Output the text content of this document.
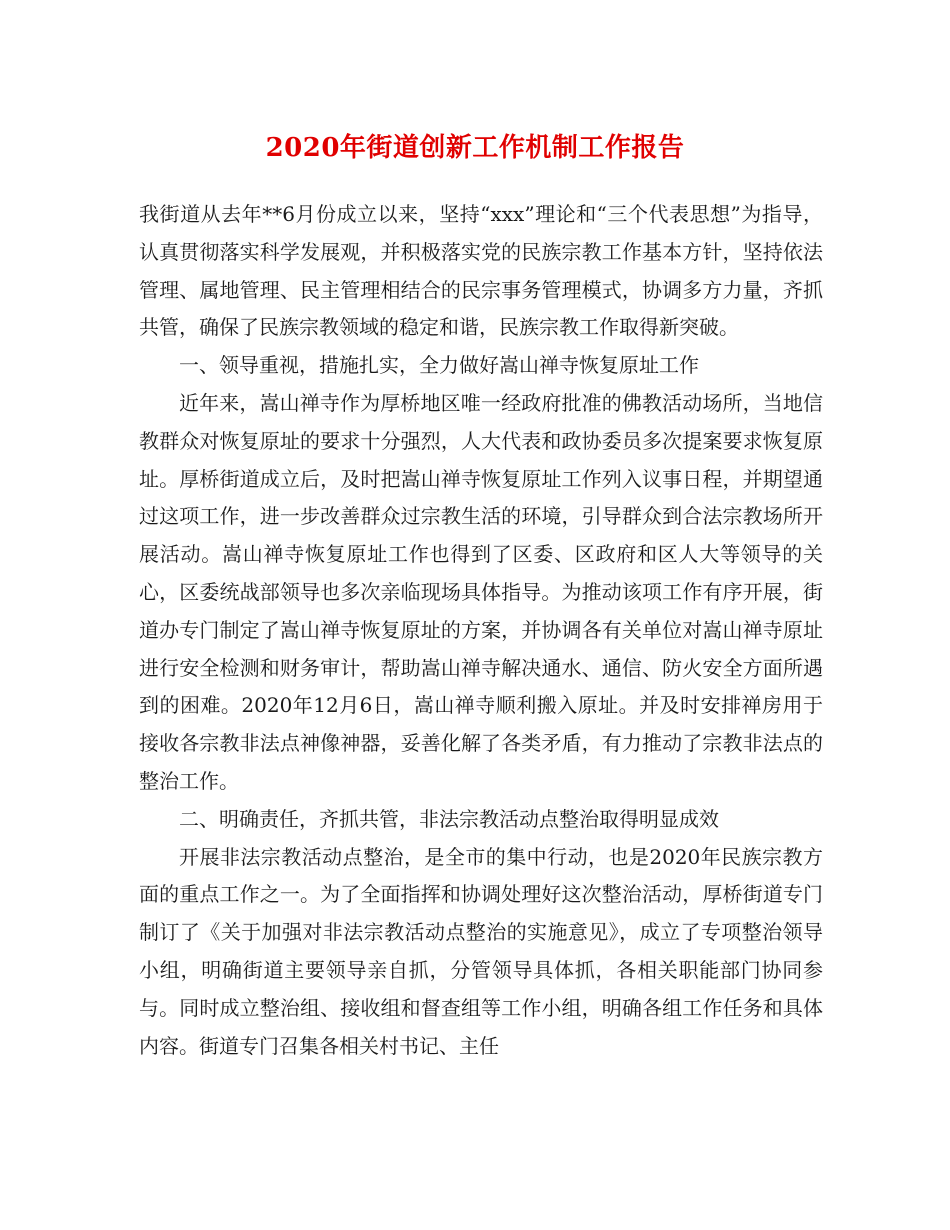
2020年街道创新工作机制工作报告

我街道从去年**6月份成立以来，坚持“xxx”理论和“三个代表思想”为指导，认真贯彻落实科学发展观，并积极落实党的民族宗教工作基本方针，坚持依法管理、属地管理、民主管理相结合的民宗事务管理模式，协调多方力量，齐抓共管，确保了民族宗教领域的稳定和谐，民族宗教工作取得新突破。

一、领导重视，措施扎实，全力做好嵩山禅寺恢复原址工作

近年来，嵩山禅寺作为厚桥地区唯一经政府批准的佛教活动场所，当地信教群众对恢复原址的要求十分强烈，人大代表和政协委员多次提案要求恢复原址。厚桥街道成立后，及时把嵩山禅寺恢复原址工作列入议事日程，并期望通过这项工作，进一步改善群众过宗教生活的环境，引导群众到合法宗教场所开展活动。嵩山禅寺恢复原址工作也得到了区委、区政府和区人大等领导的关心，区委统战部领导也多次亲临现场具体指导。为推动该项工作有序开展，街道办专门制定了嵩山禅寺恢复原址的方案，并协调各有关单位对嵩山禅寺原址进行安全检测和财务审计，帮助嵩山禅寺解决通水、通信、防火安全方面所遇到的困难。2020年12月6日，嵩山禅寺顺利搬入原址。并及时安排禅房用于接收各宗教非法点神像神器，妥善化解了各类矛盾，有力推动了宗教非法点的整治工作。

二、明确责任，齐抓共管，非法宗教活动点整治取得明显成效

开展非法宗教活动点整治，是全市的集中行动，也是2020年民族宗教方面的重点工作之一。为了全面指挥和协调处理好这次整治活动，厚桥街道专门制订了《关于加强对非法宗教活动点整治的实施意见》，成立了专项整治领导小组，明确街道主要领导亲自抓，分管领导具体抓，各相关职能部门协同参与。同时成立整治组、接收组和督查组等工作小组，明确各组工作任务和具体内容。街道专门召集各相关村书记、主任
